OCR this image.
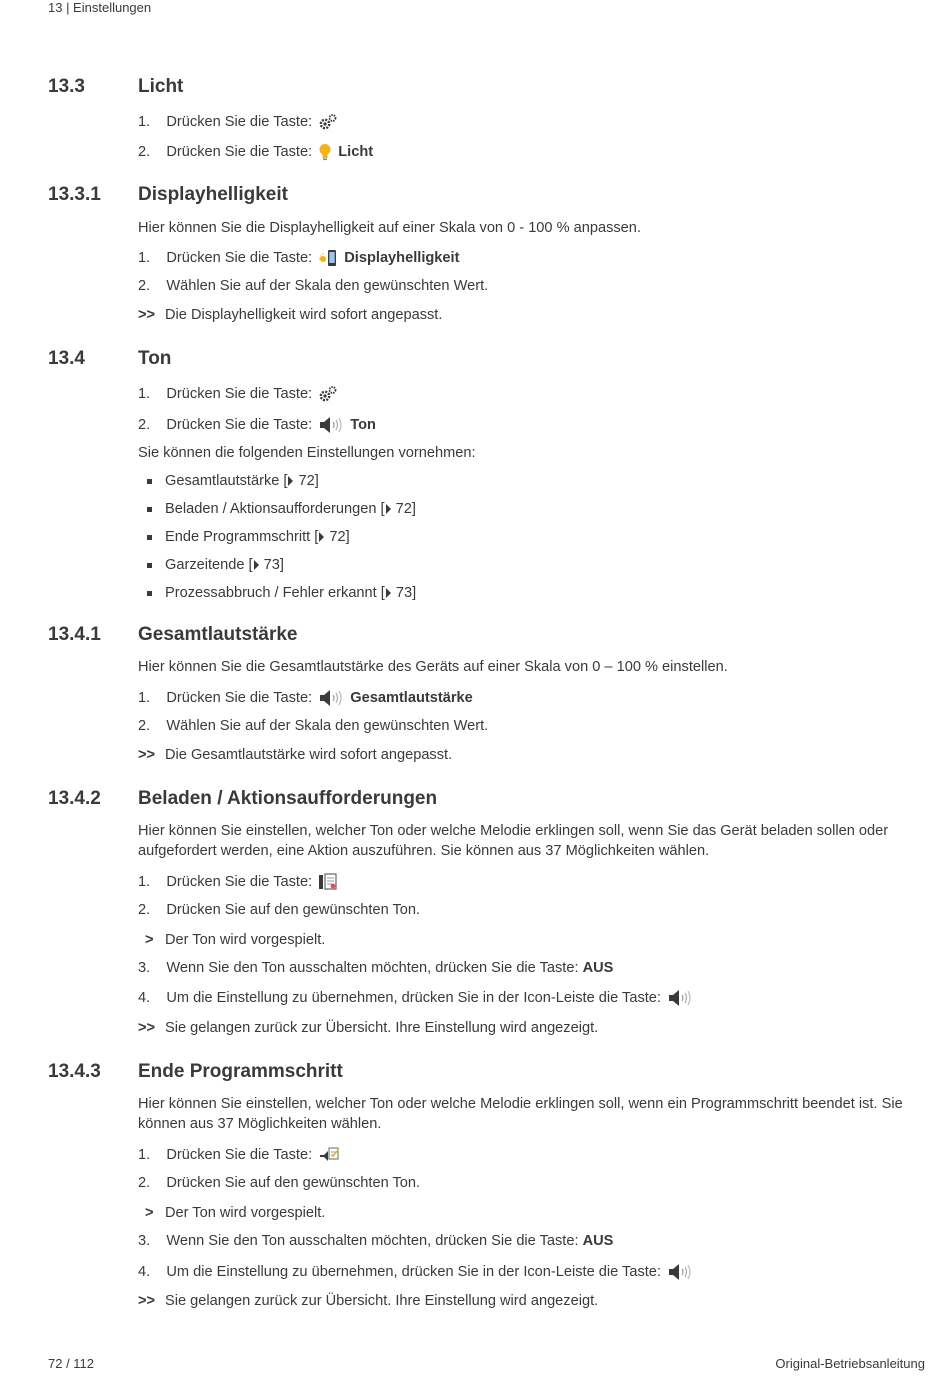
13 | Einstellungen
13.3	Licht
1. Drücken Sie die Taste:
2. Drücken Sie die Taste: Licht
13.3.1 Displayhelligkeit
Hier können Sie die Displayhelligkeit auf einer Skala von 0 - 100 % anpassen.
1. Drücken Sie die Taste: Displayhelligkeit
2. Wählen Sie auf der Skala den gewünschten Wert.
>> Die Displayhelligkeit wird sofort angepasst.
13.4	Ton
1. Drücken Sie die Taste:
2. Drücken Sie die Taste:	Ton
Sie können die folgenden Einstellungen vornehmen:
Gesamtlautstärke [
72]
Beladen / Aktionsaufforderungen [
72]
Ende Programmschritt [
72]
Garzeitende [
73]
Prozessabbruch / Fehler erkannt [
73]
13.4.1 Gesamtlautstärke
Hier können Sie die Gesamtlautstärke des Geräts auf einer Skala von 0 – 100 % einstellen.
1. Drücken Sie die Taste:	Gesamtlautstärke
2. Wählen Sie auf der Skala den gewünschten Wert.
>> Die Gesamtlautstärke wird sofort angepasst.
13.4.2 Beladen / Aktionsaufforderungen
Hier können Sie einstellen, welcher Ton oder welche Melodie erklingen soll, wenn Sie das Gerät beladen sollen oder aufgefordert werden, eine Aktion auszuführen. Sie können aus 37 Möglichkeiten wählen.
1. Drücken Sie die Taste:
2. Drücken Sie auf den gewünschten Ton.
> Der Ton wird vorgespielt.
3. Wenn Sie den Ton ausschalten möchten, drücken Sie die Taste: AUS
4. Um die Einstellung zu übernehmen, drücken Sie in der Icon-Leiste die Taste:
>> Sie gelangen zurück zur Übersicht. Ihre Einstellung wird angezeigt.
13.4.3 Ende Programmschritt
Hier können Sie einstellen, welcher Ton oder welche Melodie erklingen soll, wenn ein Programmschritt beendet ist. Sie können aus 37 Möglichkeiten wählen.
1. Drücken Sie die Taste:
2. Drücken Sie auf den gewünschten Ton.
> Der Ton wird vorgespielt.
3. Wenn Sie den Ton ausschalten möchten, drücken Sie die Taste: AUS
4. Um die Einstellung zu übernehmen, drücken Sie in der Icon-Leiste die Taste:
>> Sie gelangen zurück zur Übersicht. Ihre Einstellung wird angezeigt.
72 / 112	Original-Betriebsanleitung
